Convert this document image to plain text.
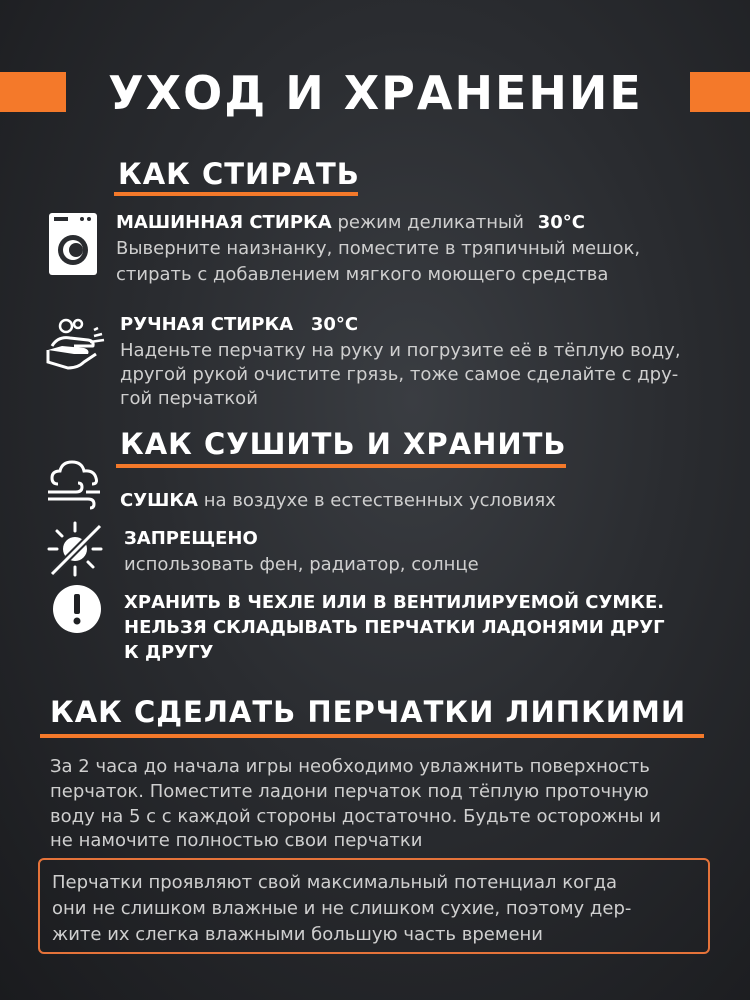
УХОД И ХРАНЕНИЕ
КАК СТИРАТЬ
МАШИННАЯ СТИРКА режим деликатный 30°С
Выверните наизнанку, поместите в тряпичный мешок,
стирать с добавлением мягкого моющего средства
РУЧНАЯ СТИРКА 30°С
Наденьте перчатку на руку и погрузите её в тёплую воду,
другой рукой очистите грязь, тоже самое сделайте с дру-
гой перчаткой
КАК СУШИТЬ И ХРАНИТЬ
СУШКА на воздухе в естественных условиях
ЗАПРЕЩЕНО
использовать фен, радиатор, солнце
ХРАНИТЬ В ЧЕХЛЕ ИЛИ В ВЕНТИЛИРУЕМОЙ СУМКЕ.
НЕЛЬЗЯ СКЛАДЫВАТЬ ПЕРЧАТКИ ЛАДОНЯМИ ДРУГ
К ДРУГУ
КАК СДЕЛАТЬ ПЕРЧАТКИ ЛИПКИМИ
За 2 часа до начала игры необходимо увлажнить поверхность
перчаток. Поместите ладони перчаток под тёплую проточную
воду на 5 с с каждой стороны достаточно. Будьте осторожны и
не намочите полностью свои перчатки
Перчатки проявляют свой максимальный потенциал когда
они не слишком влажные и не слишком сухие, поэтому дер-
жите их слегка влажными большую часть времени
